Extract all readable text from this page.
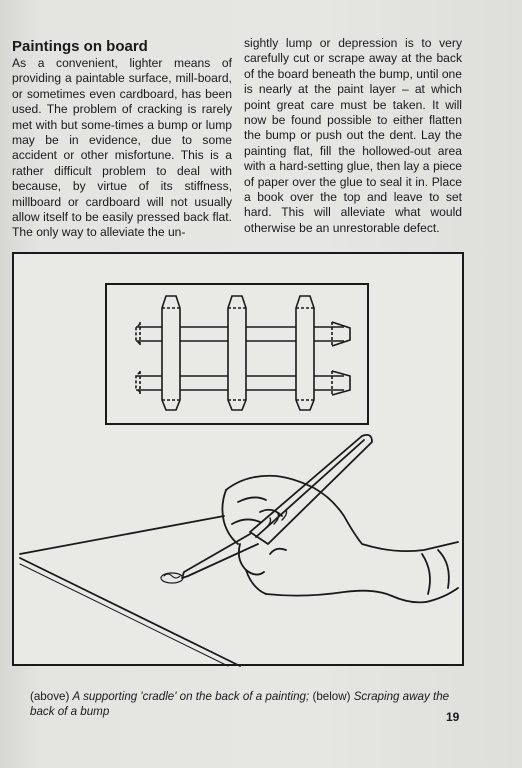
Paintings on board
As a convenient, lighter means of providing a paintable surface, mill-board, or sometimes even cardboard, has been used. The problem of cracking is rarely met with but some-times a bump or lump may be in evidence, due to some accident or other misfortune. This is a rather difficult problem to deal with because, by virtue of its stiffness, millboard or cardboard will not usually allow itself to be easily pressed back flat. The only way to alleviate the un-
sightly lump or depression is to very carefully cut or scrape away at the back of the board beneath the bump, until one is nearly at the paint layer – at which point great care must be taken. It will now be found possible to either flatten the bump or push out the dent. Lay the painting flat, fill the hollowed-out area with a hard-setting glue, then lay a piece of paper over the glue to seal it in. Place a book over the top and leave to set hard. This will alleviate what would otherwise be an unrestorable defect.
(above) A supporting 'cradle' on the back of a painting; (below) Scraping away the back of a bump	19
